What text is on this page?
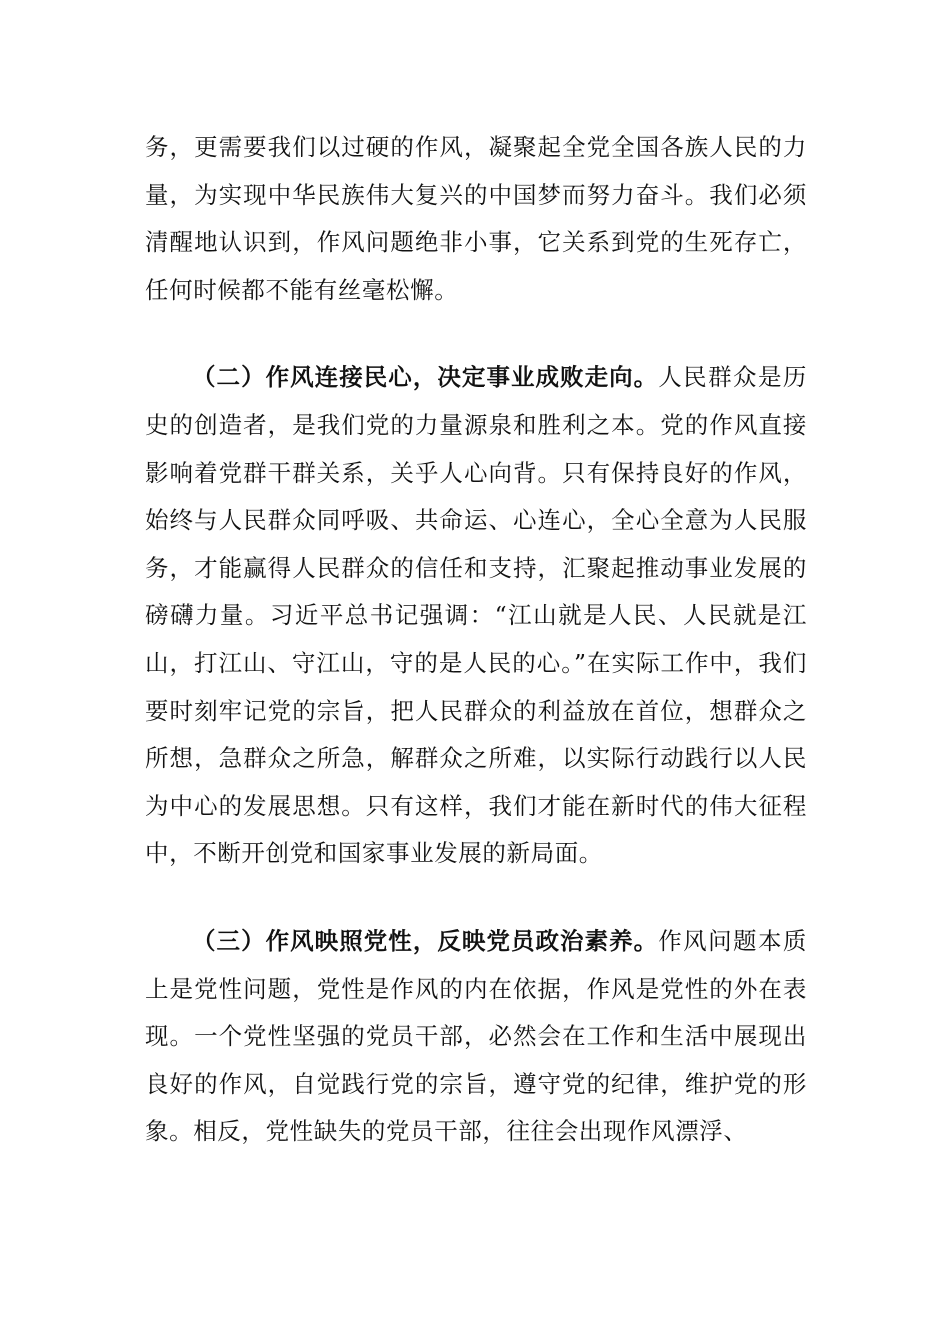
务，更需要我们以过硬的作风，凝聚起全党全国各族人民的力量，为实现中华民族伟大复兴的中国梦而努力奋斗。我们必须清醒地认识到，作风问题绝非小事，它关系到党的生死存亡，任何时候都不能有丝毫松懈。

（二）作风连接民心，决定事业成败走向。人民群众是历史的创造者，是我们党的力量源泉和胜利之本。党的作风直接影响着党群干群关系，关乎人心向背。只有保持良好的作风，始终与人民群众同呼吸、共命运、心连心，全心全意为人民服务，才能赢得人民群众的信任和支持，汇聚起推动事业发展的磅礴力量。习近平总书记强调：“江山就是人民、人民就是江山，打江山、守江山，守的是人民的心。”在实际工作中，我们要时刻牢记党的宗旨，把人民群众的利益放在首位，想群众之所想，急群众之所急，解群众之所难，以实际行动践行以人民为中心的发展思想。只有这样，我们才能在新时代的伟大征程中，不断开创党和国家事业发展的新局面。

（三）作风映照党性，反映党员政治素养。作风问题本质上是党性问题，党性是作风的内在依据，作风是党性的外在表现。一个党性坚强的党员干部，必然会在工作和生活中展现出良好的作风，自觉践行党的宗旨，遵守党的纪律，维护党的形象。相反，党性缺失的党员干部，往往会出现作风漂浮、
